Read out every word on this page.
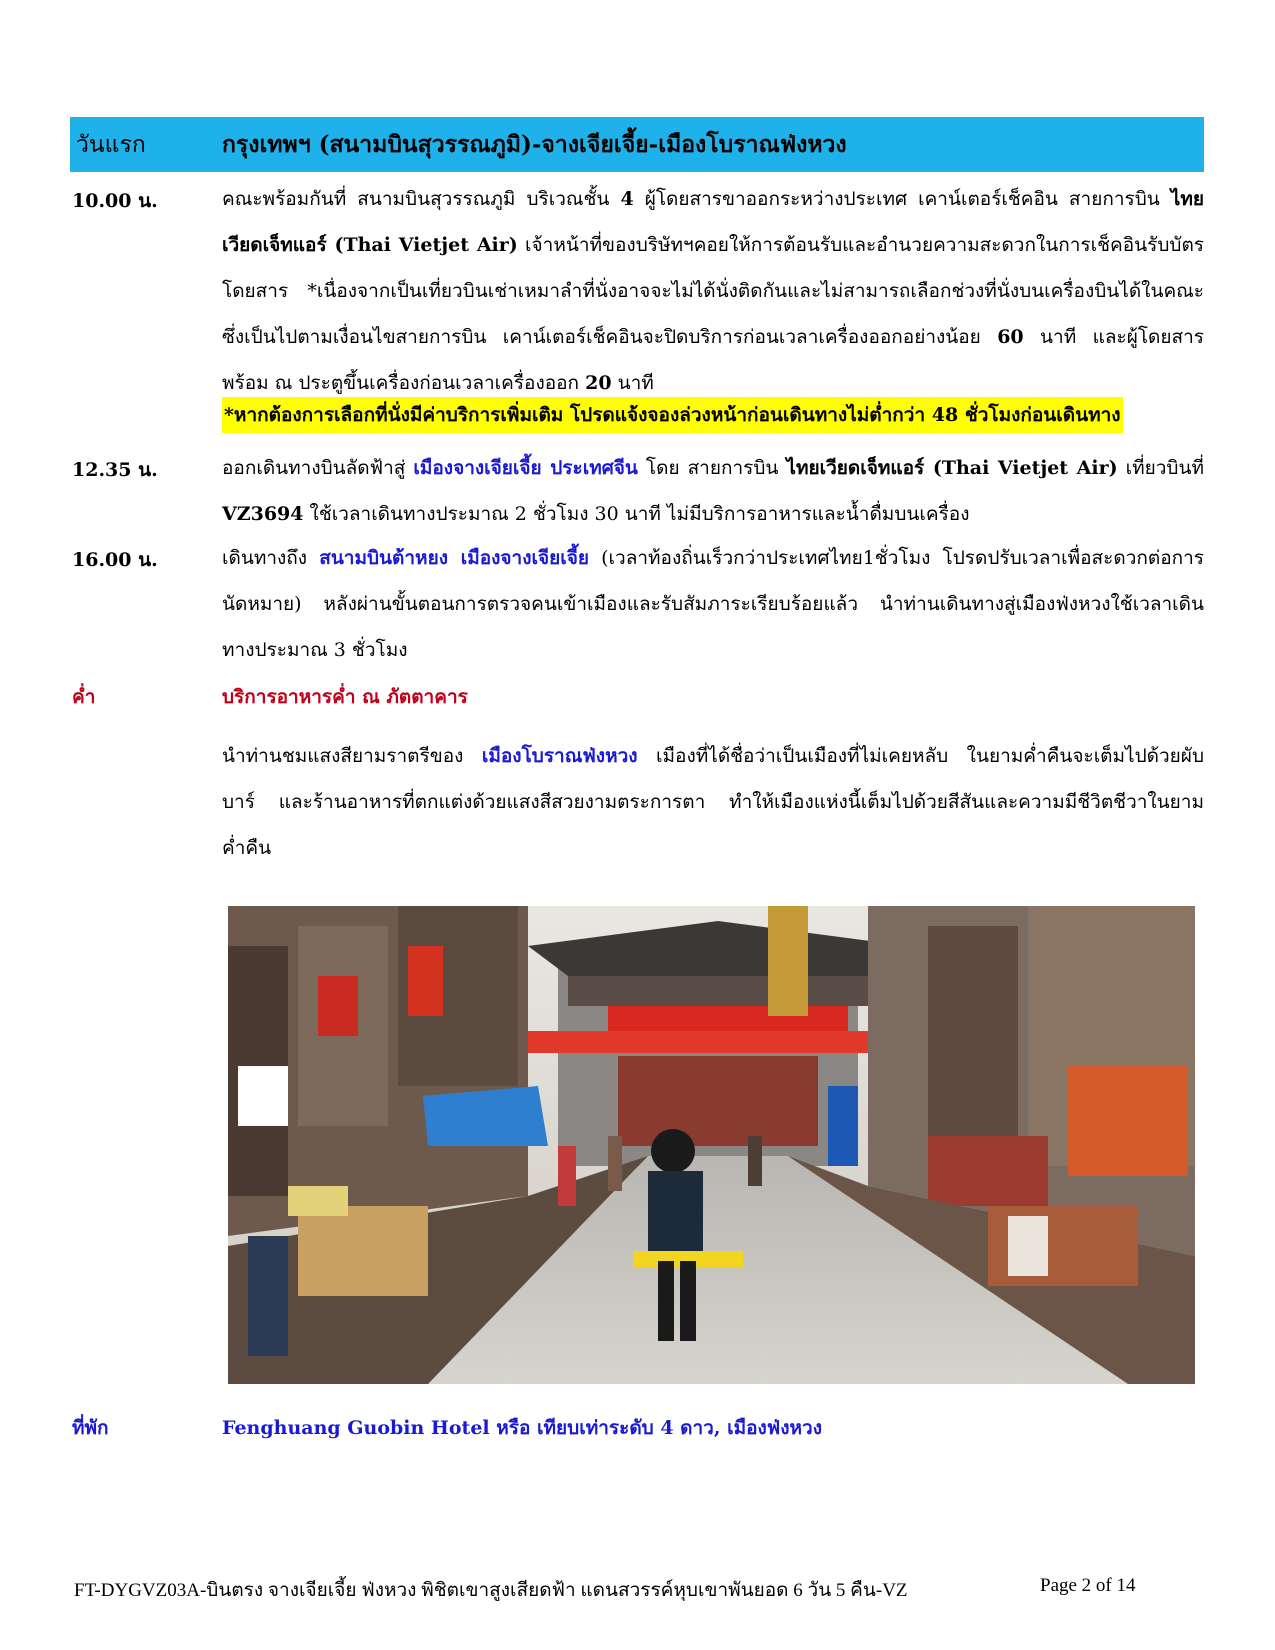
วันแรก	กรุงเทพฯ (สนามบินสุวรรณภูมิ)-จางเจียเจี้ย-เมืองโบราณฟ่งหวง
10.00 น.	คณะพร้อมกันที่ สนามบินสุวรรณภูมิ บริเวณชั้น 4 ผู้โดยสารขาออกระหว่างประเทศ เคาน์เตอร์เช็คอิน สายการบิน ไทยเวียดเจ็ทแอร์ (Thai Vietjet Air) เจ้าหน้าที่ของบริษัทฯคอยให้การต้อนรับและอำนวยความสะดวกในการเช็คอินรับบัตรโดยสาร *เนื่องจากเป็นเที่ยวบินเช่าเหมาลำที่นั่งอาจจะไม่ได้นั่งติดกันและไม่สามารถเลือกช่วงที่นั่งบนเครื่องบินได้ในคณะซึ่งเป็นไปตามเงื่อนไขสายการบิน เคาน์เตอร์เช็คอินจะปิดบริการก่อนเวลาเครื่องออกอย่างน้อย 60 นาที และผู้โดยสารพร้อม ณ ประตูขึ้นเครื่องก่อนเวลาเครื่องออก 20 นาที
*หากต้องการเลือกที่นั่งมีค่าบริการเพิ่มเติม โปรดแจ้งจองล่วงหน้าก่อนเดินทางไม่ต่ำกว่า 48 ชั่วโมงก่อนเดินทาง
12.35 น.	ออกเดินทางบินลัดฟ้าสู่ เมืองจางเจียเจี้ย ประเทศจีน โดย สายการบิน ไทยเวียดเจ็ทแอร์ (Thai Vietjet Air) เที่ยวบินที่ VZ3694 ใช้เวลาเดินทางประมาณ 2 ชั่วโมง 30 นาที ไม่มีบริการอาหารและน้ำดื่มบนเครื่อง
16.00 น.	เดินทางถึง สนามบินต้าหยง เมืองจางเจียเจี้ย (เวลาท้องถิ่นเร็วกว่าประเทศไทย1ชั่วโมง โปรดปรับเวลาเพื่อสะดวกต่อการนัดหมาย) หลังผ่านขั้นตอนการตรวจคนเข้าเมืองและรับสัมภาระเรียบร้อยแล้ว นำท่านเดินทางสู่เมืองฟ่งหวงใช้เวลาเดินทางประมาณ 3 ชั่วโมง
ค่ำ	บริการอาหารค่ำ ณ ภัตตาคาร
นำท่านชมแสงสียามราตรีของ เมืองโบราณฟ่งหวง เมืองที่ได้ชื่อว่าเป็นเมืองที่ไม่เคยหลับ ในยามค่ำคืนจะเต็มไปด้วยผับ บาร์ และร้านอาหารที่ตกแต่งด้วยแสงสีสวยงามตระการตา ทำให้เมืองแห่งนี้เต็มไปด้วยสีสันและความมีชีวิตชีวาในยามค่ำคืน
ที่พัก	Fenghuang Guobin Hotel หรือ เทียบเท่าระดับ 4 ดาว, เมืองฟ่งหวง
FT-DYGVZ03A-บินตรง จางเจียเจี้ย ฟ่งหวง พิชิตเขาสูงเสียดฟ้า แดนสวรรค์หุบเขาพันยอด 6 วัน 5 คืน-VZ	Page 2 of 14
